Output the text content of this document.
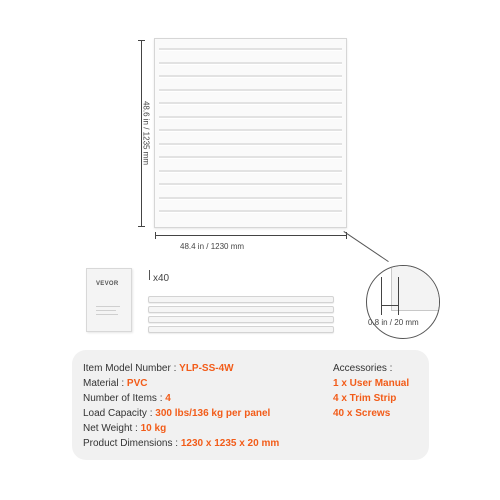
48.6 in / 1235 mm
48.4 in / 1230 mm
0.8 in / 20 mm
VEVOR	x40
Item Model Number : YLP-SS-4W
Material : PVC
Number of Items : 4
Load Capacity : 300 lbs/136 kg per panel
Net Weight : 10 kg
Product Dimensions : 1230 x 1235 x 20 mm
Accessories :
1 x User Manual
4 x Trim Strip
40 x Screws
